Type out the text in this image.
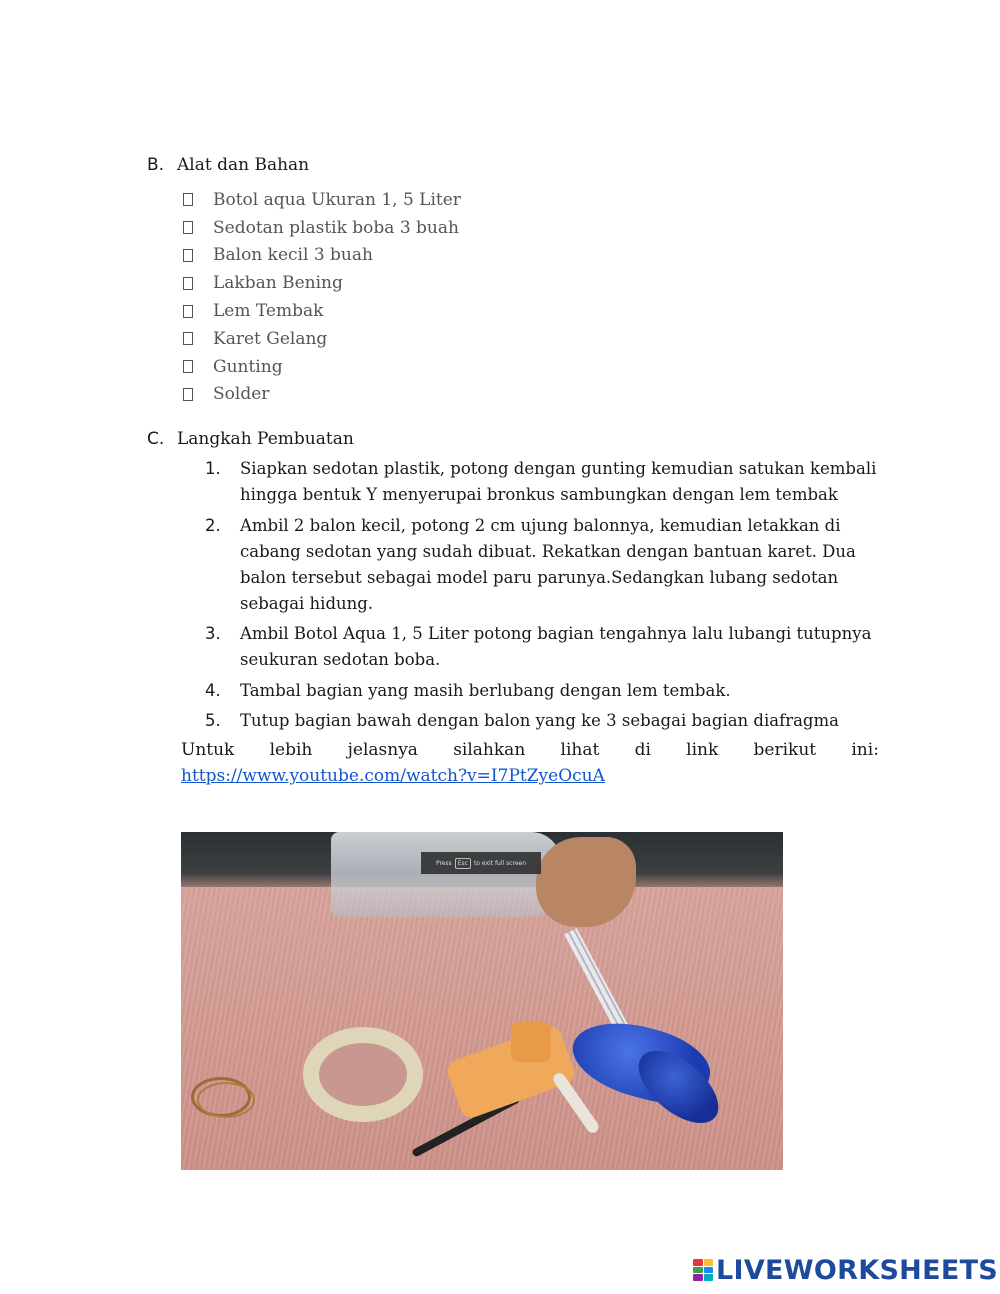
B. Alat dan Bahan
Botol aqua Ukuran 1, 5 Liter
Sedotan plastik boba 3 buah
Balon kecil 3 buah
Lakban Bening
Lem Tembak
Karet Gelang
Gunting
Solder
C. Langkah Pembuatan
1.	Siapkan sedotan plastik, potong dengan gunting kemudian satukan kembali hingga bentuk Y menyerupai bronkus sambungkan dengan lem tembak
2.	Ambil 2 balon kecil, potong 2 cm ujung balonnya, kemudian letakkan di cabang sedotan yang sudah dibuat. Rekatkan dengan bantuan karet. Dua balon tersebut sebagai model paru parunya.Sedangkan lubang sedotan sebagai hidung.
3.	Ambil Botol Aqua 1, 5 Liter potong bagian tengahnya lalu lubangi tutupnya seukuran sedotan boba.
4.	Tambal bagian yang masih berlubang dengan lem tembak.
5.	Tutup bagian bawah dengan balon yang ke 3 sebagai bagian diafragma
Untuk lebih jelasnya silahkan lihat di link berikut ini:
https://www.youtube.com/watch?v=I7PtZyeOcuA
Press	Esc	to exit full screen
LIVEWORKSHEETS
